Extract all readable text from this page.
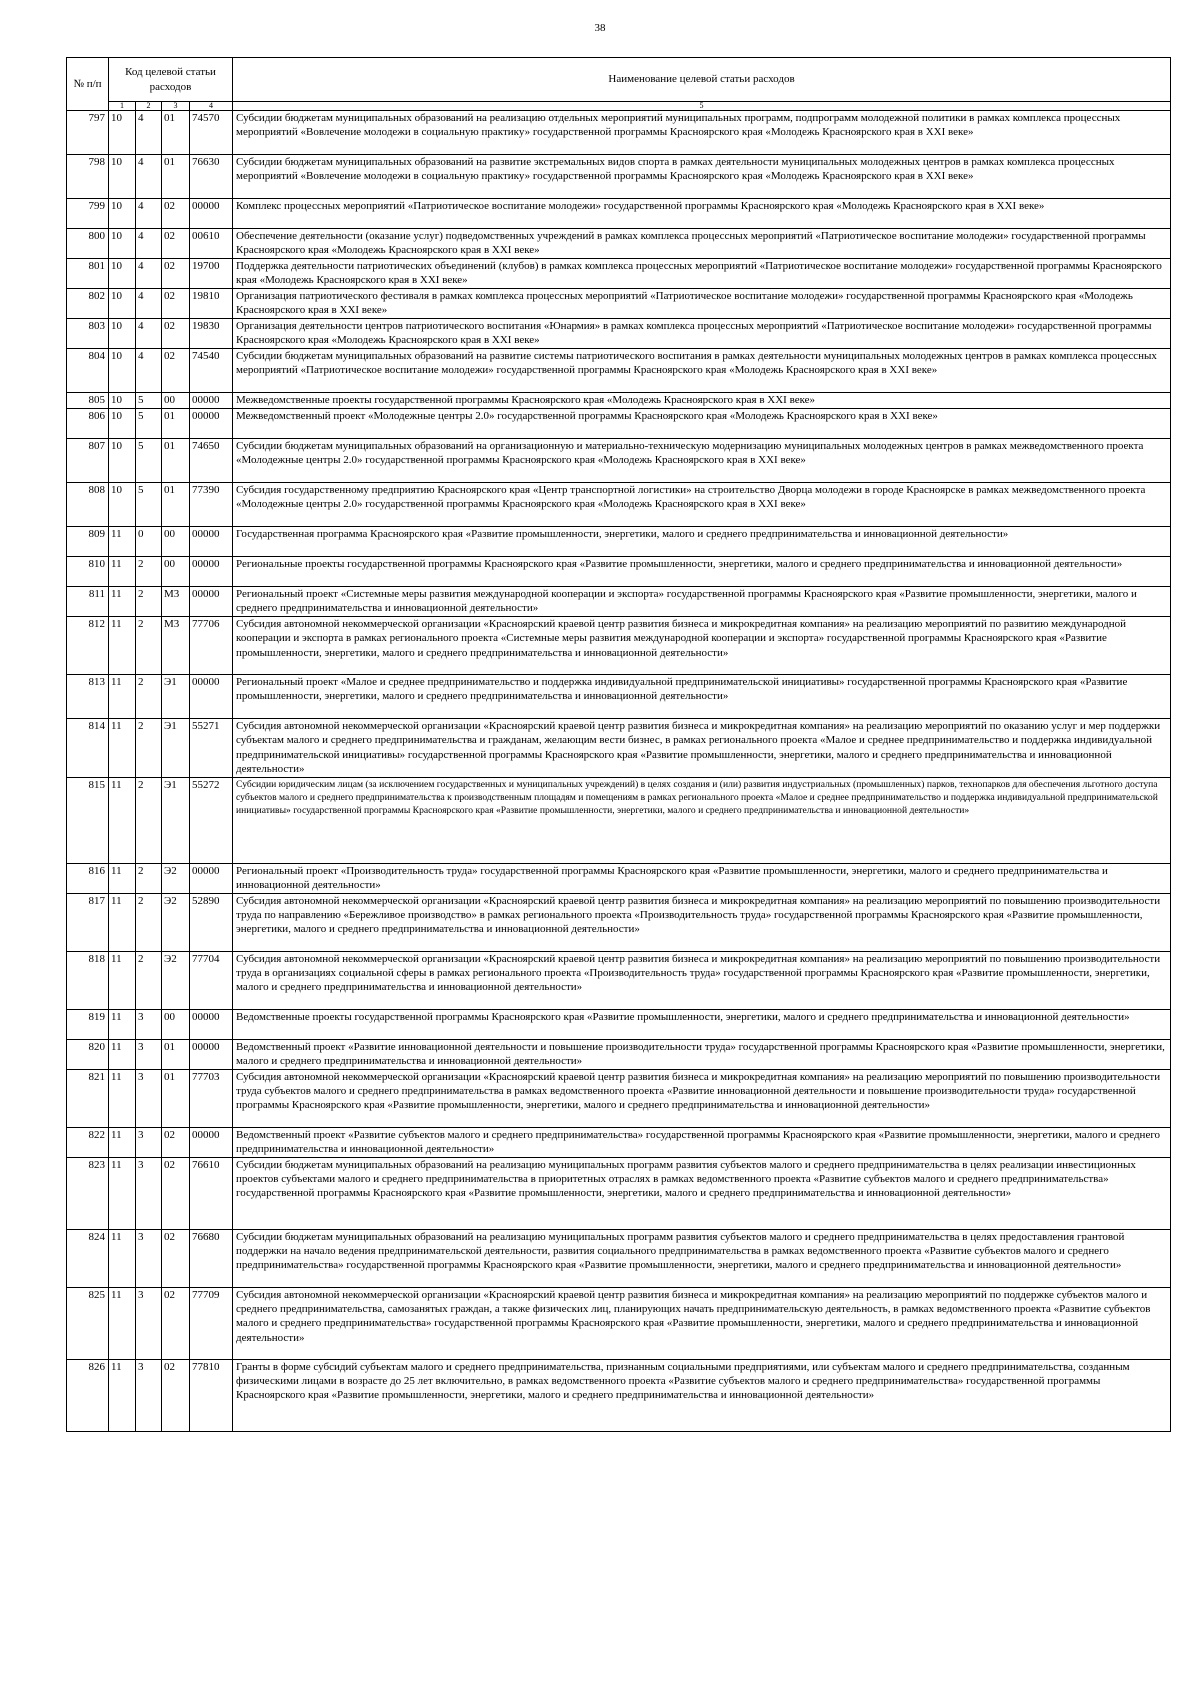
38
№ п/п	Код целевой статьи расходов				Наименование целевой статьи расходов
	1	2	3	4	5
797	10	4	01	74570	Субсидии бюджетам муниципальных образований на реализацию отдельных мероприятий муниципальных программ, подпрограмм молодежной политики в рамках комплекса процессных мероприятий «Вовлечение молодежи в социальную практику» государственной программы Красноярского края «Молодежь Красноярского края в XXI веке»
798	10	4	01	76630	Субсидии бюджетам муниципальных образований на развитие экстремальных видов спорта в рамках деятельности муниципальных молодежных центров в рамках комплекса процессных мероприятий «Вовлечение молодежи в социальную практику» государственной программы Красноярского края «Молодежь Красноярского края в XXI веке»
799	10	4	02	00000	Комплекс процессных мероприятий «Патриотическое воспитание молодежи» государственной программы Красноярского края «Молодежь Красноярского края в XXI веке»
800	10	4	02	00610	Обеспечение деятельности (оказание услуг) подведомственных учреждений в рамках комплекса процессных мероприятий «Патриотическое воспитание молодежи» государственной программы Красноярского края «Молодежь Красноярского края в XXI веке»
801	10	4	02	19700	Поддержка деятельности патриотических объединений (клубов) в рамках комплекса процессных мероприятий «Патриотическое воспитание молодежи» государственной программы Красноярского края «Молодежь Красноярского края в XXI веке»
802	10	4	02	19810	Организация патриотического фестиваля в рамках комплекса процессных мероприятий «Патриотическое воспитание молодежи» государственной программы Красноярского края «Молодежь Красноярского края в XXI веке»
803	10	4	02	19830	Организация деятельности центров патриотического воспитания «Юнармия» в рамках комплекса процессных мероприятий «Патриотическое воспитание молодежи» государственной программы Красноярского края «Молодежь Красноярского края в XXI веке»
804	10	4	02	74540	Субсидии бюджетам муниципальных образований на развитие системы патриотического воспитания в рамках деятельности муниципальных молодежных центров в рамках комплекса процессных мероприятий «Патриотическое воспитание молодежи» государственной программы Красноярского края «Молодежь Красноярского края в XXI веке»
805	10	5	00	00000	Межведомственные проекты государственной программы Красноярского края «Молодежь Красноярского края в XXI веке»
806	10	5	01	00000	Межведомственный проект «Молодежные центры 2.0» государственной программы Красноярского края «Молодежь Красноярского края в XXI веке»
807	10	5	01	74650	Субсидии бюджетам муниципальных образований на организационную и материально-техническую модернизацию муниципальных молодежных центров в рамках межведомственного проекта «Молодежные центры 2.0» государственной программы Красноярского края «Молодежь Красноярского края в XXI веке»
808	10	5	01	77390	Субсидия государственному предприятию Красноярского края «Центр транспортной логистики» на строительство Дворца молодежи в городе Красноярске в рамках межведомственного проекта «Молодежные центры 2.0» государственной программы Красноярского края «Молодежь Красноярского края в XXI веке»
809	11	0	00	00000	Государственная программа Красноярского края «Развитие промышленности, энергетики, малого и среднего предпринимательства и инновационной деятельности»
810	11	2	00	00000	Региональные проекты государственной программы Красноярского края «Развитие промышленности, энергетики, малого и среднего предпринимательства и инновационной деятельности»
811	11	2	М3	00000	Региональный проект «Системные меры развития международной кооперации и экспорта» государственной программы Красноярского края «Развитие промышленности, энергетики, малого и среднего предпринимательства и инновационной деятельности»
812	11	2	М3	77706	Субсидия автономной некоммерческой организации «Красноярский краевой центр развития бизнеса и микрокредитная компания» на реализацию мероприятий по развитию международной кооперации и экспорта в рамках регионального проекта «Системные меры развития международной кооперации и экспорта» государственной программы Красноярского края «Развитие промышленности, энергетики, малого и среднего предпринимательства и инновационной деятельности»
813	11	2	Э1	00000	Региональный проект «Малое и среднее предпринимательство и поддержка индивидуальной предпринимательской инициативы» государственной программы Красноярского края «Развитие промышленности, энергетики, малого и среднего предпринимательства и инновационной деятельности»
814	11	2	Э1	55271	Субсидия автономной некоммерческой организации «Красноярский краевой центр развития бизнеса и микрокредитная компания» на реализацию мероприятий по оказанию услуг и мер поддержки субъектам малого и среднего предпринимательства и гражданам, желающим вести бизнес, в рамках регионального проекта «Малое и среднее предпринимательство и поддержка индивидуальной предпринимательской инициативы» государственной программы Красноярского края «Развитие промышленности, энергетики, малого и среднего предпринимательства и инновационной деятельности»
815	11	2	Э1	55272	Субсидии юридическим лицам (за исключением государственных и муниципальных учреждений) в целях создания и (или) развития индустриальных (промышленных) парков, технопарков для обеспечения льготного доступа субъектов малого и среднего предпринимательства к производственным площадям и помещениям в рамках регионального проекта «Малое и среднее предпринимательство и поддержка индивидуальной предпринимательской инициативы» государственной программы Красноярского края «Развитие промышленности, энергетики, малого и среднего предпринимательства и инновационной деятельности»
816	11	2	Э2	00000	Региональный проект «Производительность труда» государственной программы Красноярского края «Развитие промышленности, энергетики, малого и среднего предпринимательства и инновационной деятельности»
817	11	2	Э2	52890	Субсидия автономной некоммерческой организации «Красноярский краевой центр развития бизнеса и микрокредитная компания» на реализацию мероприятий по повышению производительности труда по направлению «Бережливое производство» в рамках регионального проекта «Производительность труда» государственной программы Красноярского края «Развитие промышленности, энергетики, малого и среднего предпринимательства и инновационной деятельности»
818	11	2	Э2	77704	Субсидия автономной некоммерческой организации «Красноярский краевой центр развития бизнеса и микрокредитная компания» на реализацию мероприятий по повышению производительности труда в организациях социальной сферы в рамках регионального проекта «Производительность труда» государственной программы Красноярского края «Развитие промышленности, энергетики, малого и среднего предпринимательства и инновационной деятельности»
819	11	3	00	00000	Ведомственные проекты государственной программы Красноярского края «Развитие промышленности, энергетики, малого и среднего предпринимательства и инновационной деятельности»
820	11	3	01	00000	Ведомственный проект «Развитие инновационной деятельности и повышение производительности труда» государственной программы Красноярского края «Развитие промышленности, энергетики, малого и среднего предпринимательства и инновационной деятельности»
821	11	3	01	77703	Субсидия автономной некоммерческой организации «Красноярский краевой центр развития бизнеса и микрокредитная компания» на реализацию мероприятий по повышению производительности труда субъектов малого и среднего предпринимательства в рамках ведомственного проекта «Развитие инновационной деятельности и повышение производительности труда» государственной программы Красноярского края «Развитие промышленности, энергетики, малого и среднего предпринимательства и инновационной деятельности»
822	11	3	02	00000	Ведомственный проект «Развитие субъектов малого и среднего предпринимательства» государственной программы Красноярского края «Развитие промышленности, энергетики, малого и среднего предпринимательства и инновационной деятельности»
823	11	3	02	76610	Субсидии бюджетам муниципальных образований на реализацию муниципальных программ развития субъектов малого и среднего предпринимательства в целях реализации инвестиционных проектов субъектами малого и среднего предпринимательства в приоритетных отраслях в рамках ведомственного проекта «Развитие субъектов малого и среднего предпринимательства» государственной программы Красноярского края «Развитие промышленности, энергетики, малого и среднего предпринимательства и инновационной деятельности»
824	11	3	02	76680	Субсидии бюджетам муниципальных образований на реализацию муниципальных программ развития субъектов малого и среднего предпринимательства в целях предоставления грантовой поддержки на начало ведения предпринимательской деятельности, развития социального предпринимательства в рамках ведомственного проекта «Развитие субъектов малого и среднего предпринимательства» государственной программы Красноярского края «Развитие промышленности, энергетики, малого и среднего предпринимательства и инновационной деятельности»
825	11	3	02	77709	Субсидия автономной некоммерческой организации «Красноярский краевой центр развития бизнеса и микрокредитная компания» на реализацию мероприятий по поддержке субъектов малого и среднего предпринимательства, самозанятых граждан, а также физических лиц, планирующих начать предпринимательскую деятельность, в рамках ведомственного проекта «Развитие субъектов малого и среднего предпринимательства» государственной программы Красноярского края «Развитие промышленности, энергетики, малого и среднего предпринимательства и инновационной деятельности»
826	11	3	02	77810	Гранты в форме субсидий субъектам малого и среднего предпринимательства, признанным социальными предприятиями, или субъектам малого и среднего предпринимательства, созданным физическими лицами в возрасте до 25 лет включительно, в рамках ведомственного проекта «Развитие субъектов малого и среднего предпринимательства» государственной программы Красноярского края «Развитие промышленности, энергетики, малого и среднего предпринимательства и инновационной деятельности»
